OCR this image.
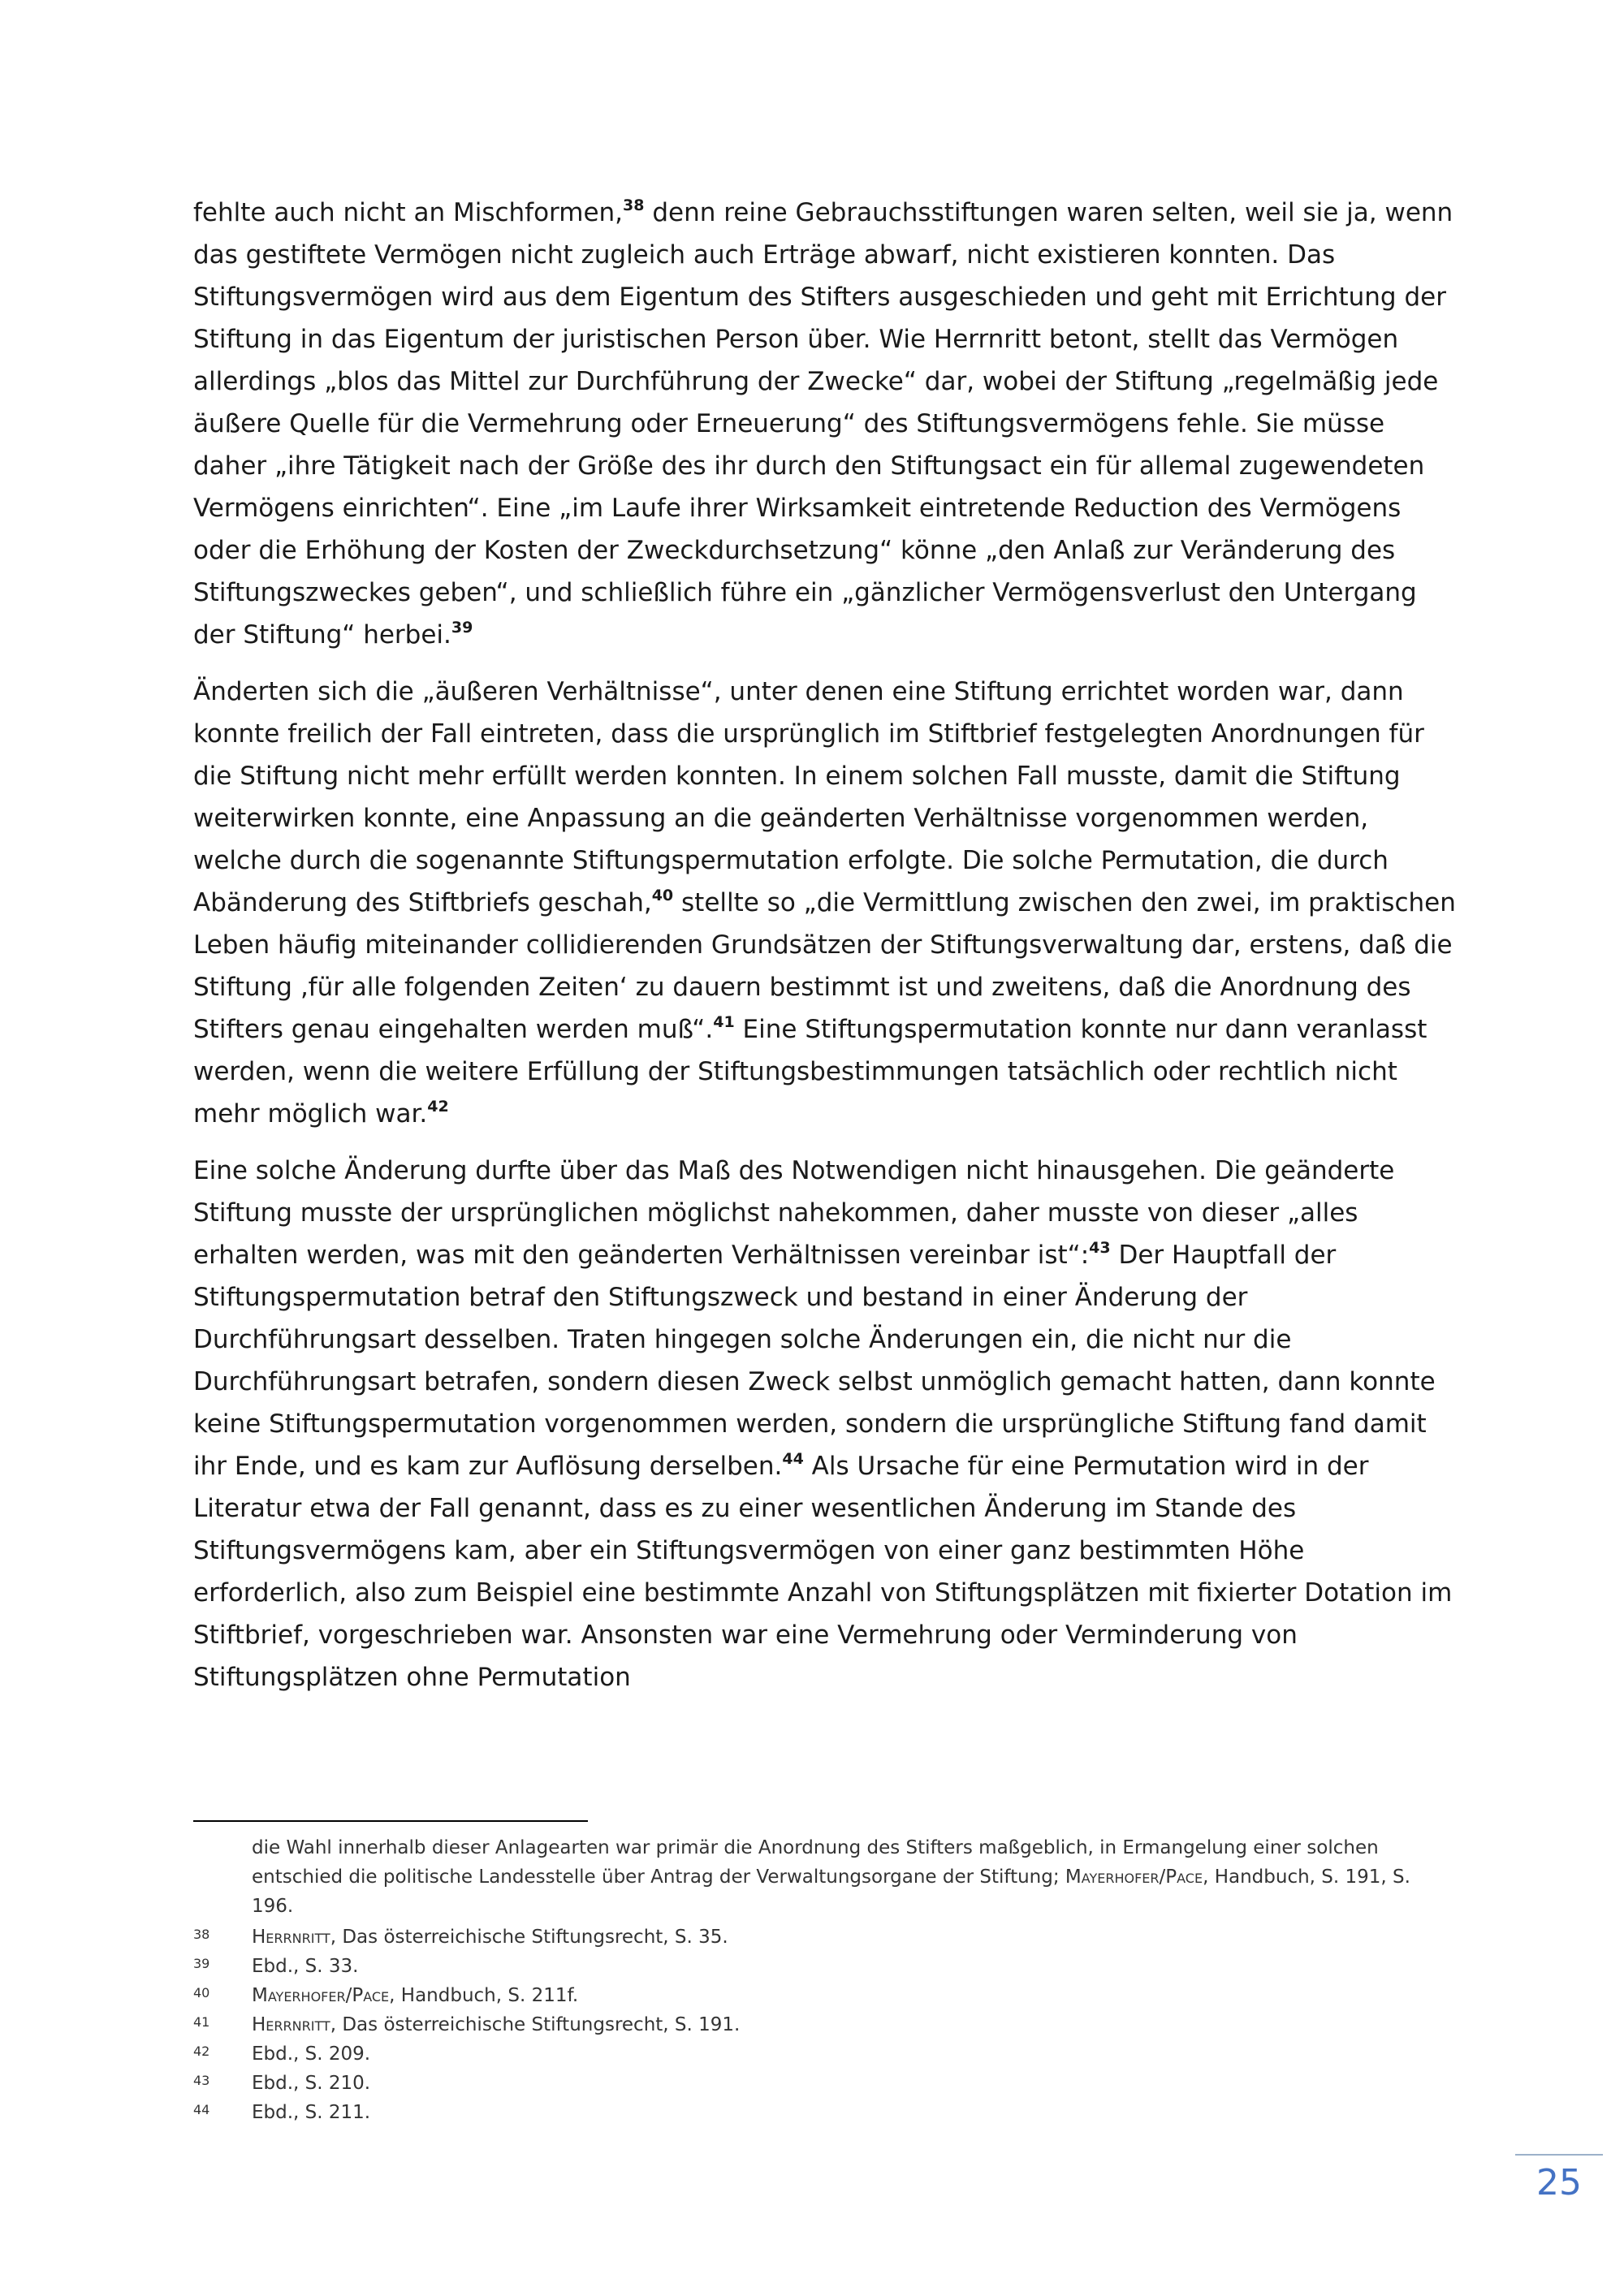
fehlte auch nicht an Mischformen,$^{38}$ denn reine Gebrauchsstiftungen waren selten, weil sie ja, wenn das gestiftete Vermögen nicht zugleich auch Erträge abwarf, nicht existieren konnten. Das Stiftungsvermögen wird aus dem Eigentum des Stifters ausgeschieden und geht mit Errichtung der Stiftung in das Eigentum der juristischen Person über. Wie Herrnritt betont, stellt das Vermögen allerdings „blos das Mittel zur Durchführung der Zwecke“ dar, wobei der Stiftung „regelmäßig jede äußere Quelle für die Vermehrung oder Erneuerung“ des Stiftungsvermögens fehle. Sie müsse daher „ihre Tätigkeit nach der Größe des ihr durch den Stiftungsact ein für allemal zugewendeten Vermögens einrichten“. Eine „im Laufe ihrer Wirksamkeit eintretende Reduction des Vermögens oder die Erhöhung der Kosten der Zweckdurchsetzung“ könne „den Anlaß zur Veränderung des Stiftungszweckes geben“, und schließlich führe ein „gänzlicher Vermögensverlust den Untergang der Stiftung“ herbei.$^{39}$

Änderten sich die „äußeren Verhältnisse“, unter denen eine Stiftung errichtet worden war, dann konnte freilich der Fall eintreten, dass die ursprünglich im Stiftbrief festgelegten Anordnungen für die Stiftung nicht mehr erfüllt werden konnten. In einem solchen Fall musste, damit die Stiftung weiterwirken konnte, eine Anpassung an die geänderten Verhältnisse vorgenommen werden, welche durch die sogenannte Stiftungspermutation erfolgte. Die solche Permutation, die durch Abänderung des Stiftbriefs geschah,$^{40}$ stellte so „die Vermittlung zwischen den zwei, im praktischen Leben häufig miteinander collidierenden Grundsätzen der Stiftungsverwaltung dar, erstens, daß die Stiftung ‚für alle folgenden Zeiten‘ zu dauern bestimmt ist und zweitens, daß die Anordnung des Stifters genau eingehalten werden muß“.$^{41}$ Eine Stiftungspermutation konnte nur dann veranlasst werden, wenn die weitere Erfüllung der Stiftungsbestimmungen tatsächlich oder rechtlich nicht mehr möglich war.$^{42}$

Eine solche Änderung durfte über das Maß des Notwendigen nicht hinausgehen. Die geänderte Stiftung musste der ursprünglichen möglichst nahekommen, daher musste von dieser „alles erhalten werden, was mit den geänderten Verhältnissen vereinbar ist“:$^{43}$ Der Hauptfall der Stiftungspermutation betraf den Stiftungszweck und bestand in einer Änderung der Durchführungsart desselben. Traten hingegen solche Änderungen ein, die nicht nur die Durchführungsart betrafen, sondern diesen Zweck selbst unmöglich gemacht hatten, dann konnte keine Stiftungspermutation vorgenommen werden, sondern die ursprüngliche Stiftung fand damit ihr Ende, und es kam zur Auflösung derselben.$^{44}$ Als Ursache für eine Permutation wird in der Literatur etwa der Fall genannt, dass es zu einer wesentlichen Änderung im Stande des Stiftungsvermögens kam, aber ein Stiftungsvermögen von einer ganz bestimmten Höhe erforderlich, also zum Beispiel eine bestimmte Anzahl von Stiftungsplätzen mit fixierter Dotation im Stiftbrief, vorgeschrieben war. Ansonsten war eine Vermehrung oder Verminderung von Stiftungsplätzen ohne Permutation

die Wahl innerhalb dieser Anlagearten war primär die Anordnung des Stifters maßgeblich, in Ermangelung einer solchen entschied die politische Landesstelle über Antrag der Verwaltungsorgane der Stiftung; Mayerhofer/Pace, Handbuch, S. 191, S. 196.

38	Herrnritt, Das österreichische Stiftungsrecht, S. 35.

39	Ebd., S. 33.

40	Mayerhofer/Pace, Handbuch, S. 211f.

41	Herrnritt, Das österreichische Stiftungsrecht, S. 191.

42	Ebd., S. 209.

43	Ebd., S. 210.

44	Ebd., S. 211.

25
